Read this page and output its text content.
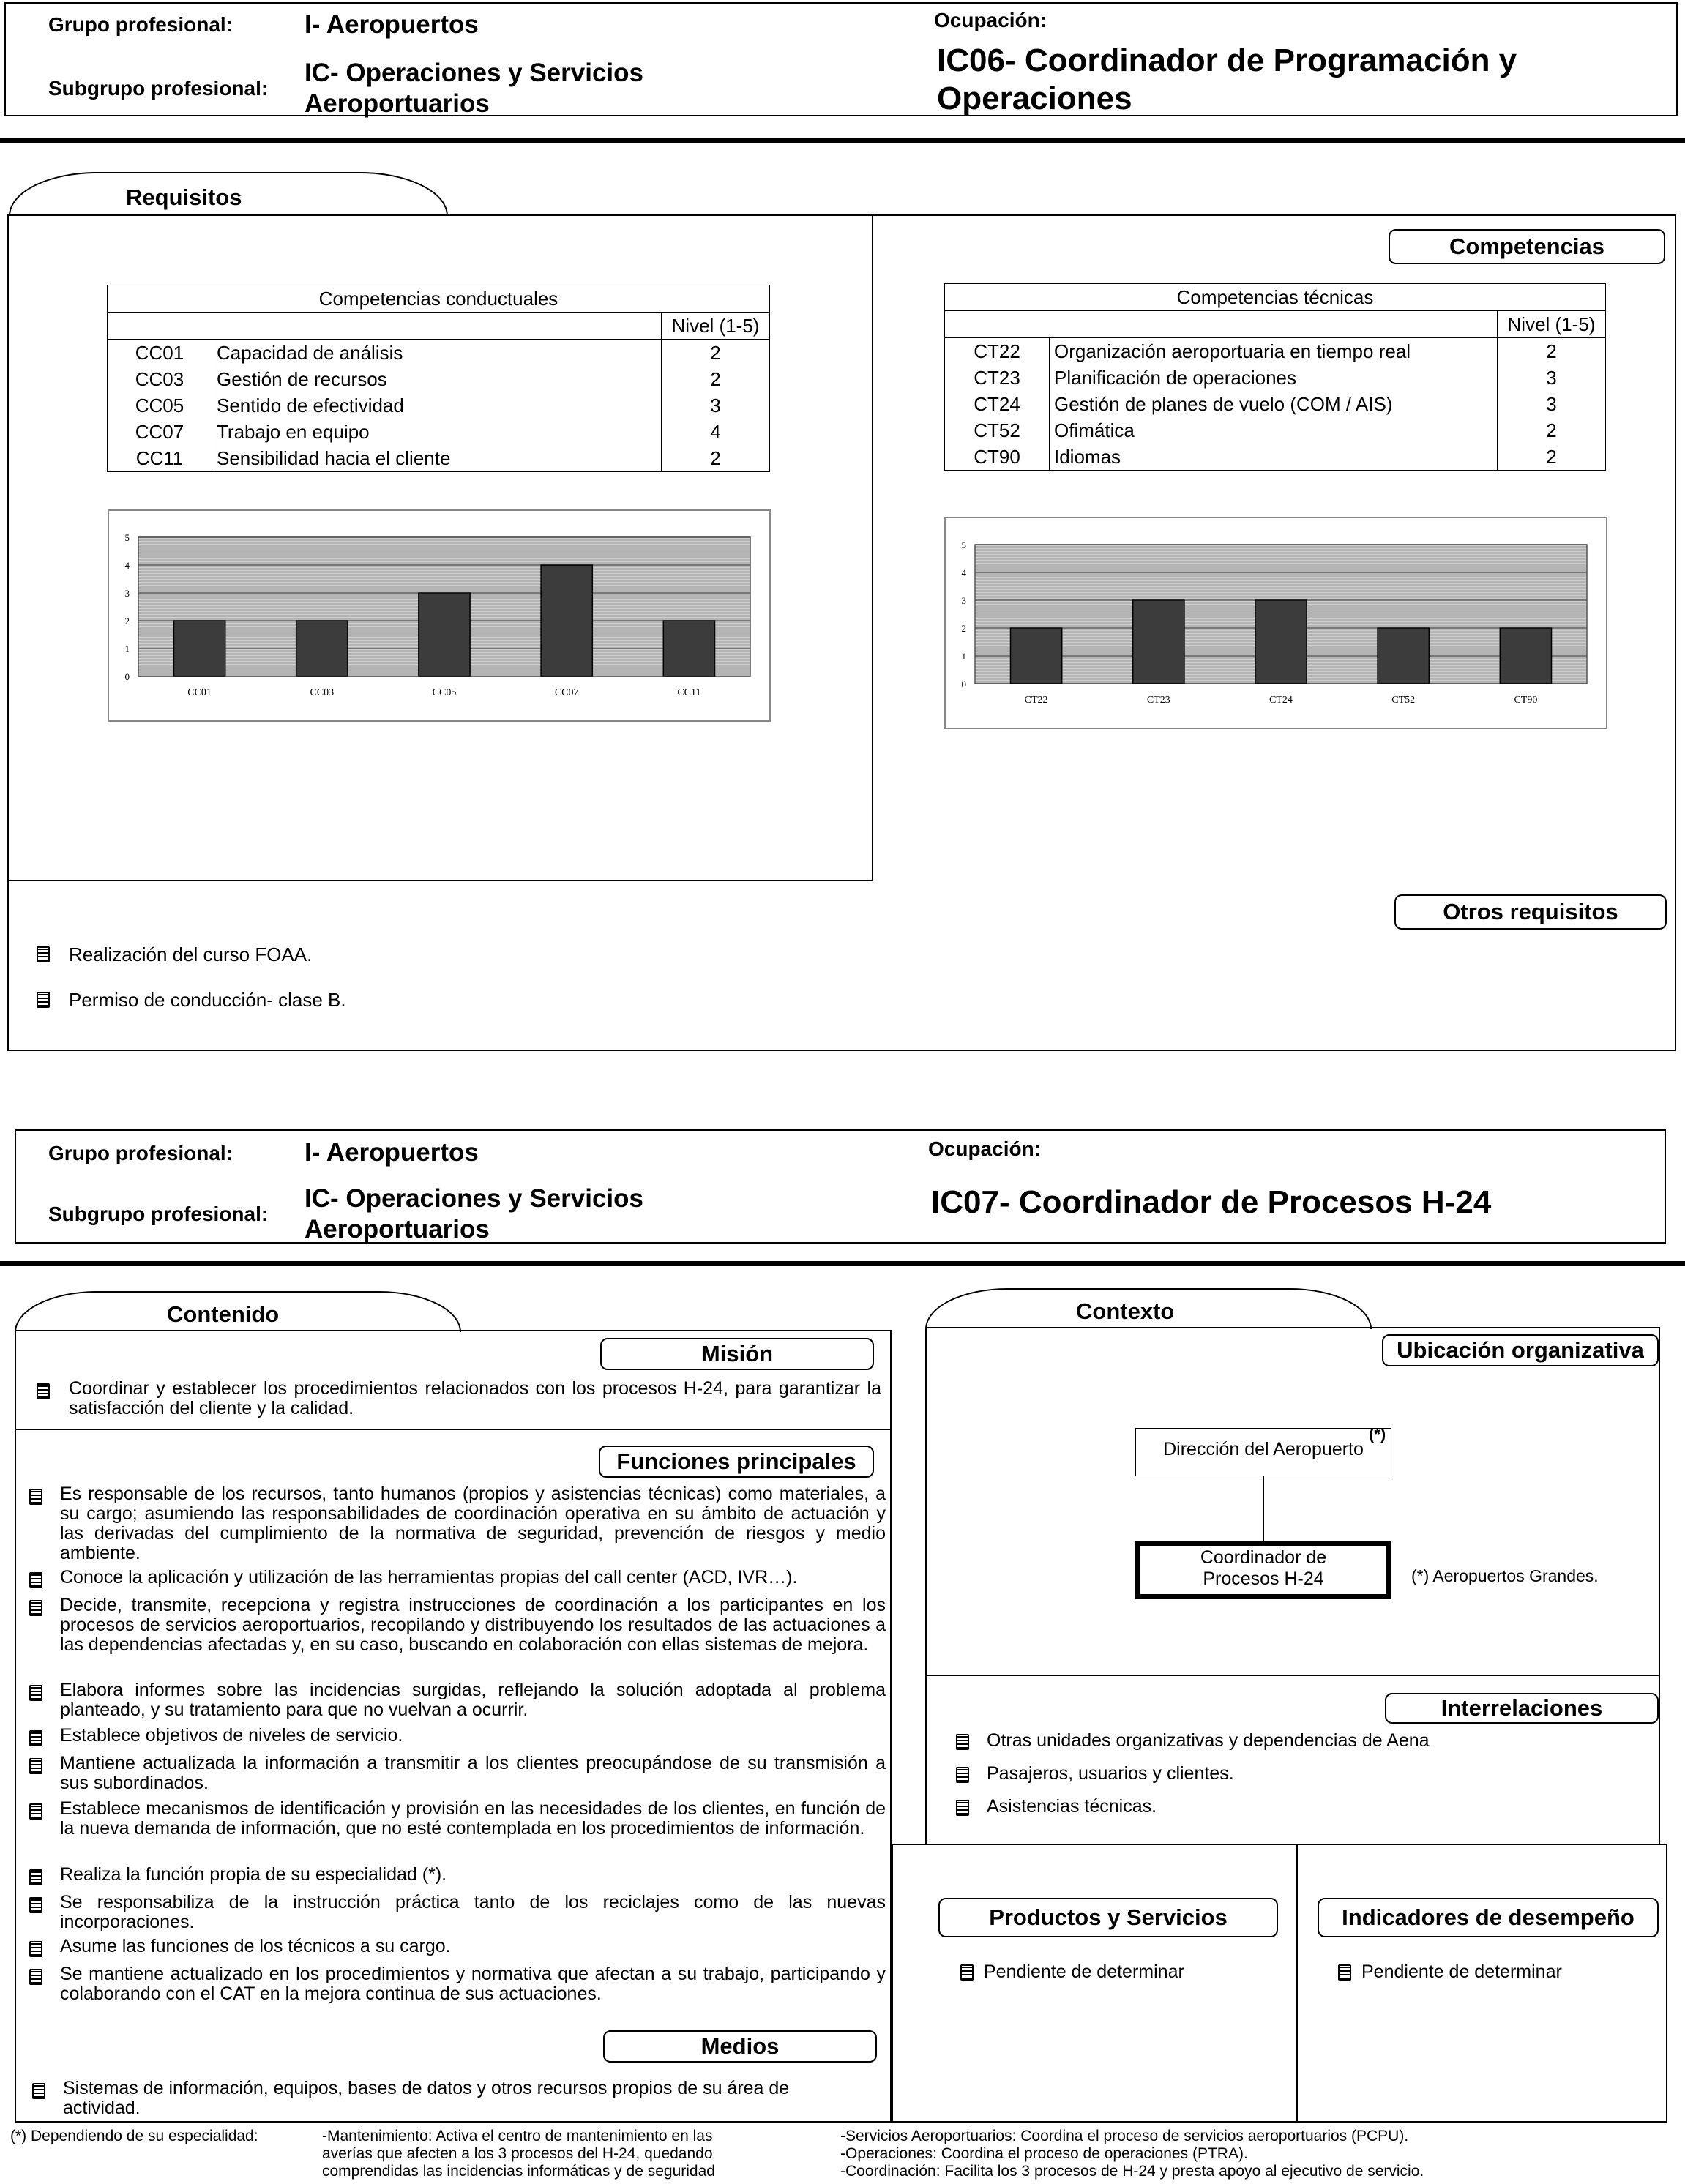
Grupo profesional:	I- Aeropuertos
Subgrupo profesional:
IC- Operaciones y Servicios
Aeroportuarios
Ocupación:
IC06- Coordinador de Programación y
Operaciones
Requisitos
Competencias
Competencias conductuales		
		Nivel (1-5)
CC01	Capacidad de análisis	2
CC03	Gestión de recursos	2
CC05	Sentido de efectividad	3
CC07	Trabajo en equipo	4
CC11	Sensibilidad hacia el cliente	2
Competencias técnicas		
		Nivel (1-5)
CT22	Organización aeroportuaria en tiempo real	2
CT23	Planificación de operaciones	3
CT24	Gestión de planes de vuelo (COM / AIS)	3
CT52	Ofimática	2
CT90	Idiomas	2
0
1
2
3
4
5
CC01	CC03	CC05	CC07	CC11
0
1
2
3
4
5
CT22	CT23	CT24	CT52	CT90
Otros requisitos
Realización del curso FOAA.
Permiso de conducción- clase B.
Grupo profesional:	I- Aeropuertos
Subgrupo profesional:
IC- Operaciones y Servicios
Aeroportuarios
Ocupación:
IC07- Coordinador de Procesos H-24
Contenido
Misión
Coordinar y establecer los procedimientos relacionados con los procesos H-24, para garantizar la satisfacción del cliente y la calidad.
Funciones principales
Es responsable de los recursos, tanto humanos (propios y asistencias técnicas) como materiales, a su cargo; asumiendo las responsabilidades de coordinación operativa en su ámbito de actuación y las derivadas del cumplimiento de la normativa de seguridad, prevención de riesgos y medio ambiente.
Conoce la aplicación y utilización de las herramientas propias del call center (ACD, IVR…).
Decide, transmite, recepciona y registra instrucciones de coordinación a los participantes en los procesos de servicios aeroportuarios, recopilando y distribuyendo los resultados de las actuaciones a las dependencias afectadas y, en su caso, buscando en colaboración con ellas sistemas de mejora.
Elabora informes sobre las incidencias surgidas, reflejando la solución adoptada al problema planteado, y su tratamiento para que no vuelvan a ocurrir.
Establece objetivos de niveles de servicio.
Mantiene actualizada la información a transmitir a los clientes preocupándose de su transmisión a sus subordinados.
Establece mecanismos de identificación y provisión en las necesidades de los clientes, en función de la nueva demanda de información, que no esté contemplada en los procedimientos de información.
Realiza la función propia de su especialidad (*).
Se responsabiliza de la instrucción práctica tanto de los reciclajes como de las nuevas incorporaciones.
Asume las funciones de los técnicos a su cargo.
Se mantiene actualizado en los procedimientos y normativa que afectan a su trabajo, participando y colaborando con el CAT en la mejora continua de sus actuaciones.
Medios
Sistemas de información, equipos, bases de datos y otros recursos propios de su área de actividad.
Contexto
Ubicación organizativa
Dirección del Aeropuerto
(*)
Coordinador de
Procesos H-24	(*) Aeropuertos Grandes.
Interrelaciones
Otras unidades organizativas y dependencias de Aena
Pasajeros, usuarios y clientes.
Asistencias técnicas.
Productos y Servicios	Indicadores de desempeño
Pendiente de determinar	Pendiente de determinar
(*) Dependiendo de su especialidad:	-Mantenimiento: Activa el centro de mantenimiento en las
averías que afecten a los 3 procesos del H-24, quedando
comprendidas las incidencias informáticas y de seguridad
-Servicios Aeroportuarios: Coordina el proceso de servicios aeroportuarios (PCPU).
-Operaciones: Coordina el proceso de operaciones (PTRA).
-Coordinación: Facilita los 3 procesos de H-24 y presta apoyo al ejecutivo de servicio.
